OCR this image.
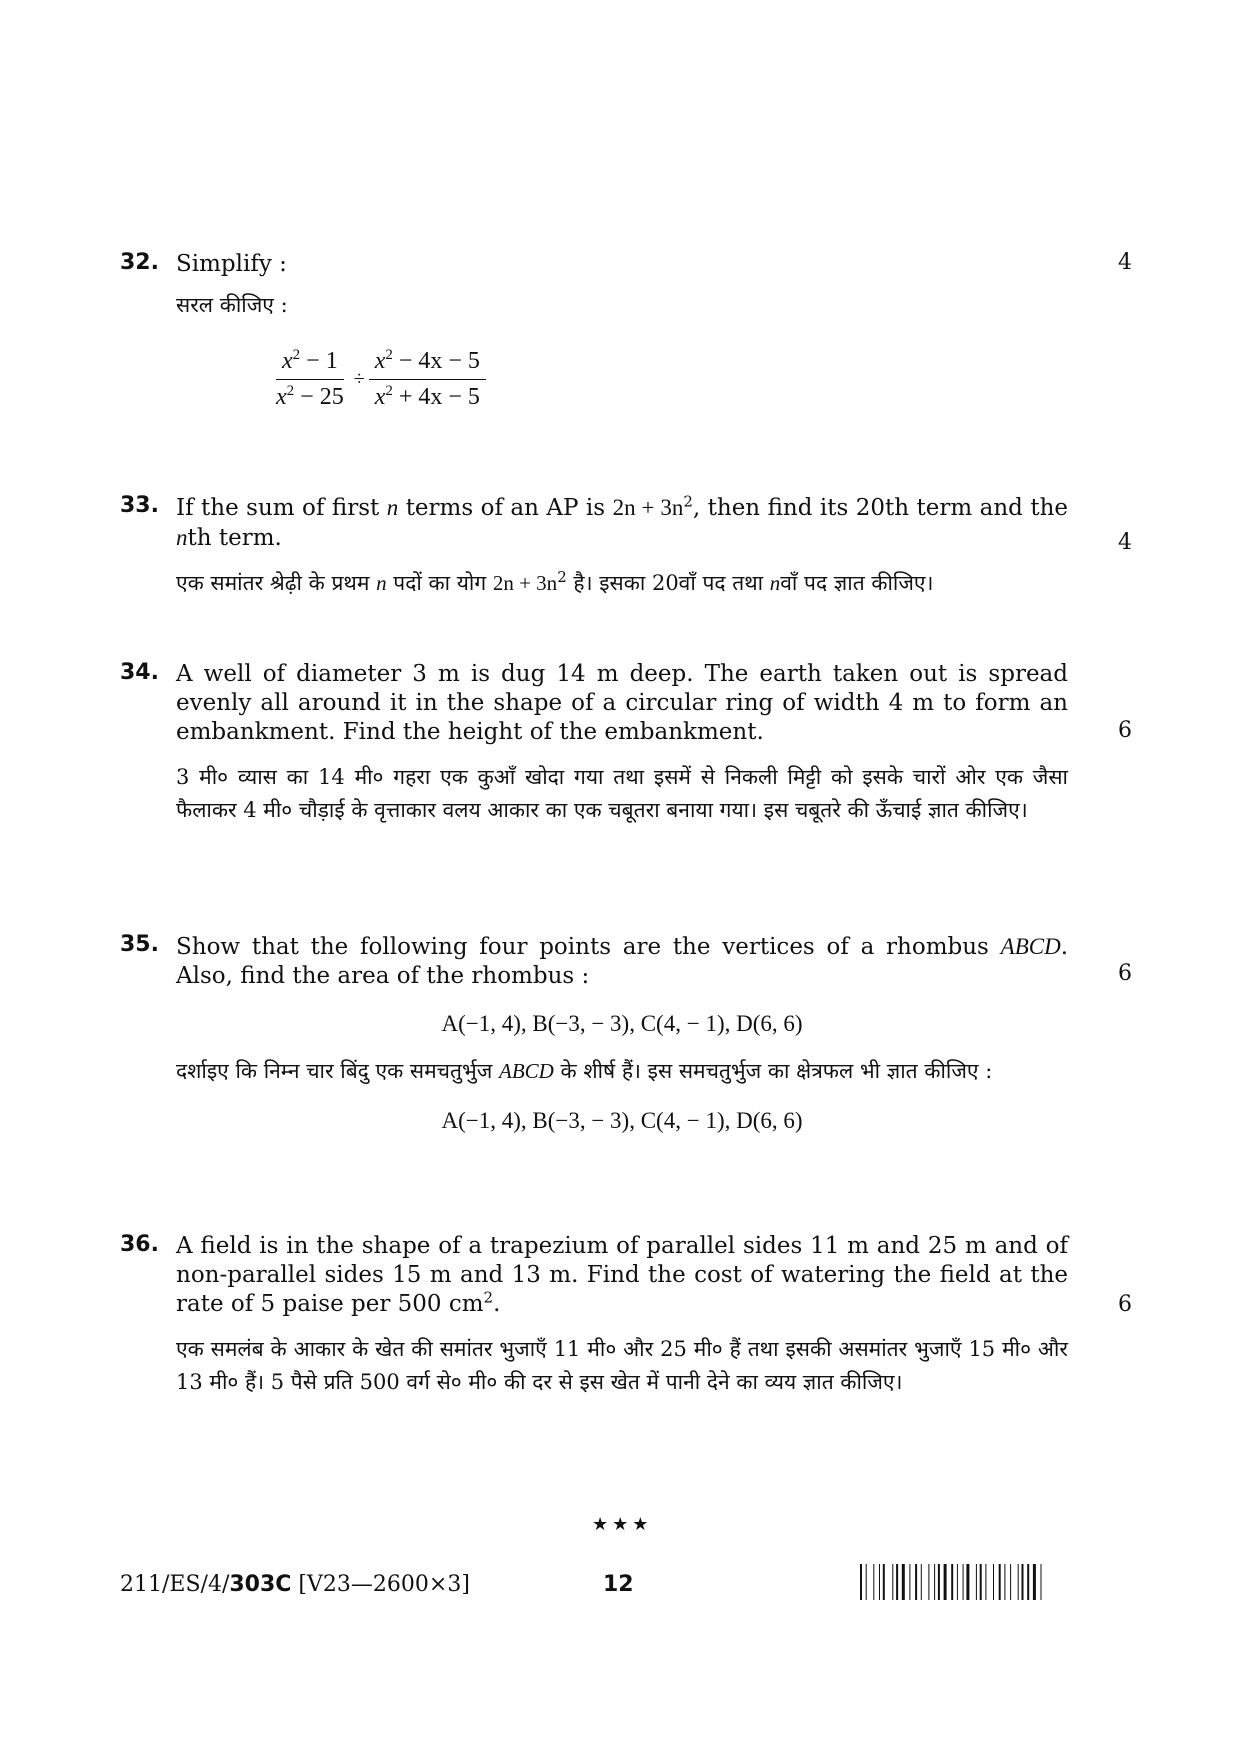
32.	4
Simplify :
सरल कीजिए :
$\frac{x^2 - 1}{x^2 - 25} \div \frac{x^2 - 4x - 5}{x^2 + 4x - 5}$
33.
4
If the sum of first n terms of an AP is $2n + 3n^2$, then find its 20th term and the nth term.
एक समांतर श्रेढ़ी के प्रथम n पदों का योग $2n + 3n^2$ है। इसका 20वाँ पद तथा nवाँ पद ज्ञात कीजिए।
34.
6
A well of diameter 3 m is dug 14 m deep. The earth taken out is spread evenly all around it in the shape of a circular ring of width 4 m to form an embankment. Find the height of the embankment.
3 मी० व्यास का 14 मी० गहरा एक कुआँ खोदा गया तथा इसमें से निकली मिट्टी को इसके चारों ओर एक जैसा फैलाकर 4 मी० चौड़ाई के वृत्ताकार वलय आकार का एक चबूतरा बनाया गया। इस चबूतरे की ऊँचाई ज्ञात कीजिए।
35.
6
Show that the following four points are the vertices of a rhombus ABCD. Also, find the area of the rhombus :
A(−1, 4), B(−3, − 3), C(4, − 1), D(6, 6)
दर्शाइए कि निम्न चार बिंदु एक समचतुर्भुज ABCD के शीर्ष हैं। इस समचतुर्भुज का क्षेत्रफल भी ज्ञात कीजिए :
A(−1, 4), B(−3, − 3), C(4, − 1), D(6, 6)
36.
6
A field is in the shape of a trapezium of parallel sides 11 m and 25 m and of non-parallel sides 15 m and 13 m. Find the cost of watering the field at the rate of 5 paise per 500 $cm^2$.
एक समलंब के आकार के खेत की समांतर भुजाएँ 11 मी० और 25 मी० हैं तथा इसकी असमांतर भुजाएँ 15 मी० और 13 मी० हैं। 5 पैसे प्रति 500 वर्ग से० मी० की दर से इस खेत में पानी देने का व्यय ज्ञात कीजिए।
★★★
211/ES/4/303C [V23—2600×3]	12
